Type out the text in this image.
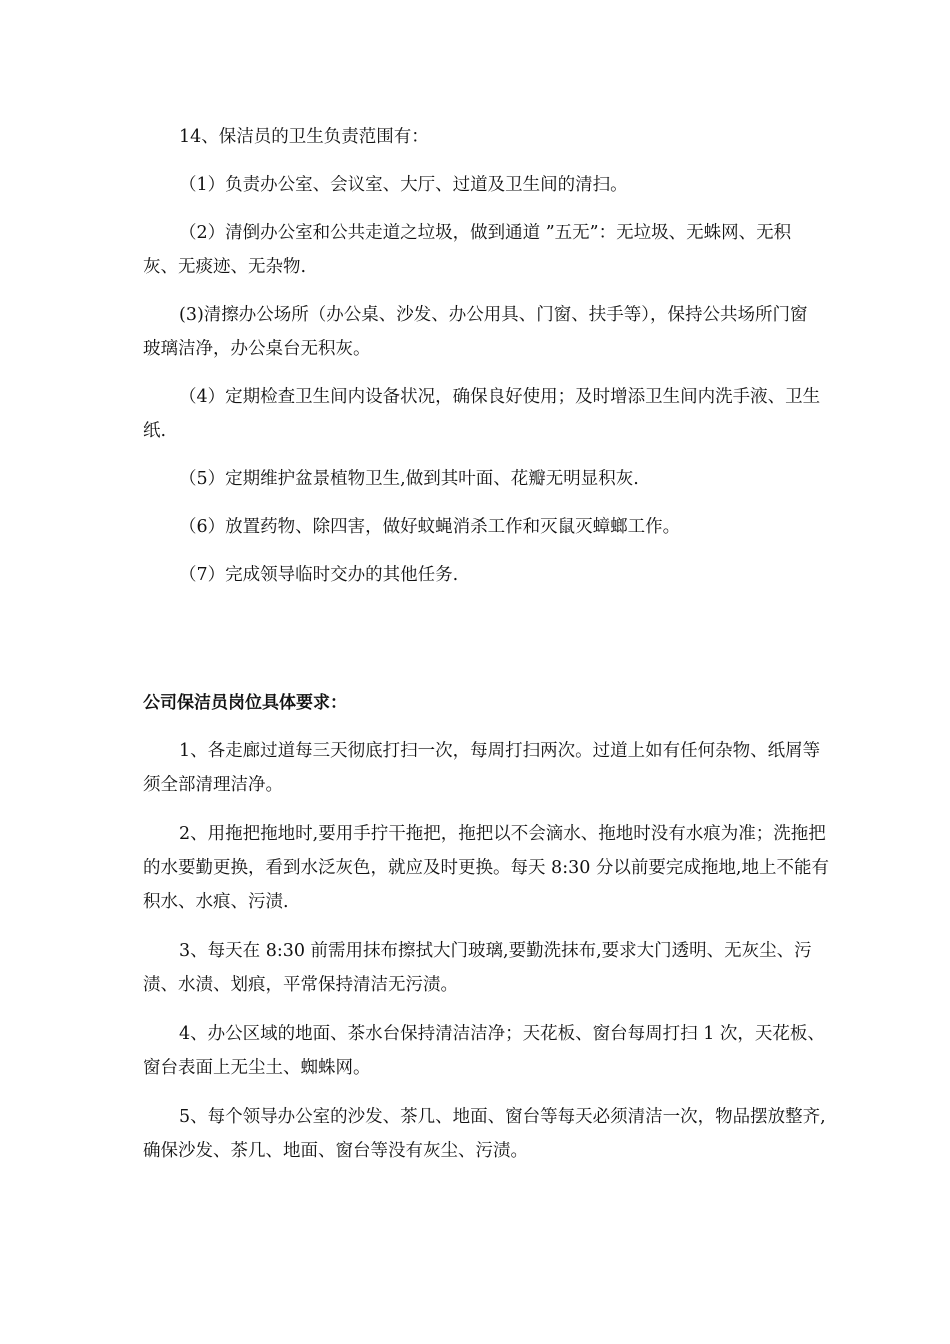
14、保洁员的卫生负责范围有：

（1）负责办公室、会议室、大厅、过道及卫生间的清扫。

（2）清倒办公室和公共走道之垃圾，做到通道 ”五无”：无垃圾、无蛛网、无积灰、无痰迹、无杂物.

(3)清擦办公场所（办公桌、沙发、办公用具、门窗、扶手等），保持公共场所门窗玻璃洁净，办公桌台无积灰。

（4）定期检查卫生间内设备状况，确保良好使用；及时增添卫生间内洗手液、卫生纸.

（5）定期维护盆景植物卫生,做到其叶面、花瓣无明显积灰.

（6）放置药物、除四害，做好蚊蝇消杀工作和灭鼠灭蟑螂工作。

（7）完成领导临时交办的其他任务.

公司保洁员岗位具体要求：

1、各走廊过道每三天彻底打扫一次，每周打扫两次。过道上如有任何杂物、纸屑等须全部清理洁净。

2、用拖把拖地时,要用手拧干拖把，拖把以不会滴水、拖地时没有水痕为准；洗拖把的水要勤更换，看到水泛灰色，就应及时更换。每天 8:30 分以前要完成拖地,地上不能有积水、水痕、污渍.

3、每天在 8:30 前需用抹布擦拭大门玻璃,要勤洗抹布,要求大门透明、无灰尘、污渍、水渍、划痕，平常保持清洁无污渍。

4、办公区域的地面、茶水台保持清洁洁净；天花板、窗台每周打扫 1 次，天花板、窗台表面上无尘土、蜘蛛网。

5、每个领导办公室的沙发、茶几、地面、窗台等每天必须清洁一次，物品摆放整齐,确保沙发、茶几、地面、窗台等没有灰尘、污渍。
